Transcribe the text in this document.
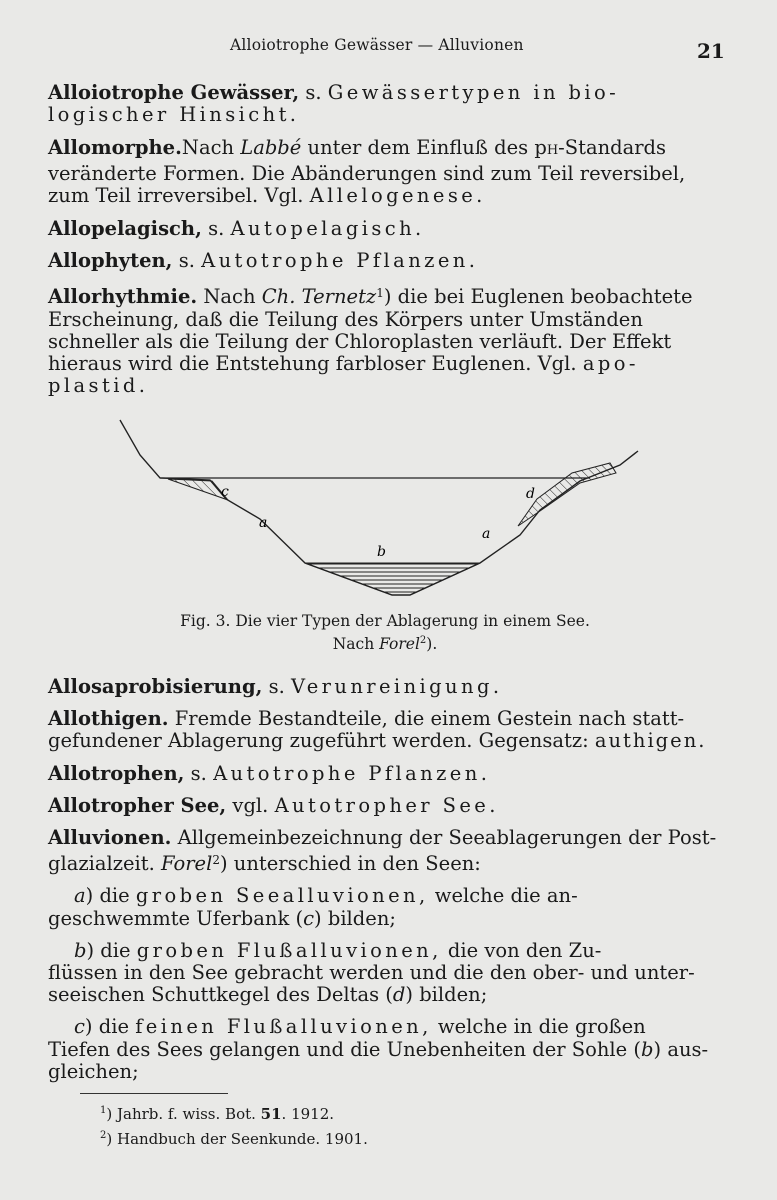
Alloiotrophe Gewässer — Alluvionen	21

Alloiotrophe Gewässer, s. Gewässertypen in bio-
logischer Hinsicht.

Allomorphe.Nach Labbé unter dem Einfluß des pH-Standards
veränderte Formen. Die Abänderungen sind zum Teil reversibel,
zum Teil irreversibel. Vgl. Allelogenese.

Allopelagisch, s. Autopelagisch.

Allophyten, s. Autotrophe Pflanzen.

Allorhythmie. Nach Ch. Ternetz$^1$) die bei Euglenen beobachtete
Erscheinung, daß die Teilung des Körpers unter Umständen
schneller als die Teilung der Chloroplasten verläuft. Der Effekt
hieraus wird die Entstehung farbloser Euglenen. Vgl. apo-
plastid.

c	d
a
a
b
Fig. 3. Die vier Typen der Ablagerung in einem See.
Nach Forel$^2$).

Allosaprobisierung, s. Verunreinigung.

Allothigen. Fremde Bestandteile, die einem Gestein nach statt-
gefundener Ablagerung zugeführt werden. Gegensatz: authigen.

Allotrophen, s. Autotrophe Pflanzen.

Allotropher See, vgl. Autotropher See.

Alluvionen. Allgemeinbezeichnung der Seeablagerungen der Post-
glazialzeit. Forel$^2$) unterschied in den Seen:

a) die groben Seealluvionen, welche die an-
geschwemmte Uferbank (c) bilden;

b) die groben Flußalluvionen, die von den Zu-
flüssen in den See gebracht werden und die den ober- und unter-
seeischen Schuttkegel des Deltas (d) bilden;

c) die feinen Flußalluvionen, welche in die großen
Tiefen des Sees gelangen und die Unebenheiten der Sohle (b) aus-
gleichen;

$^1$) Jahrb. f. wiss. Bot. 51. 1912.
$^2$) Handbuch der Seenkunde. 1901.
